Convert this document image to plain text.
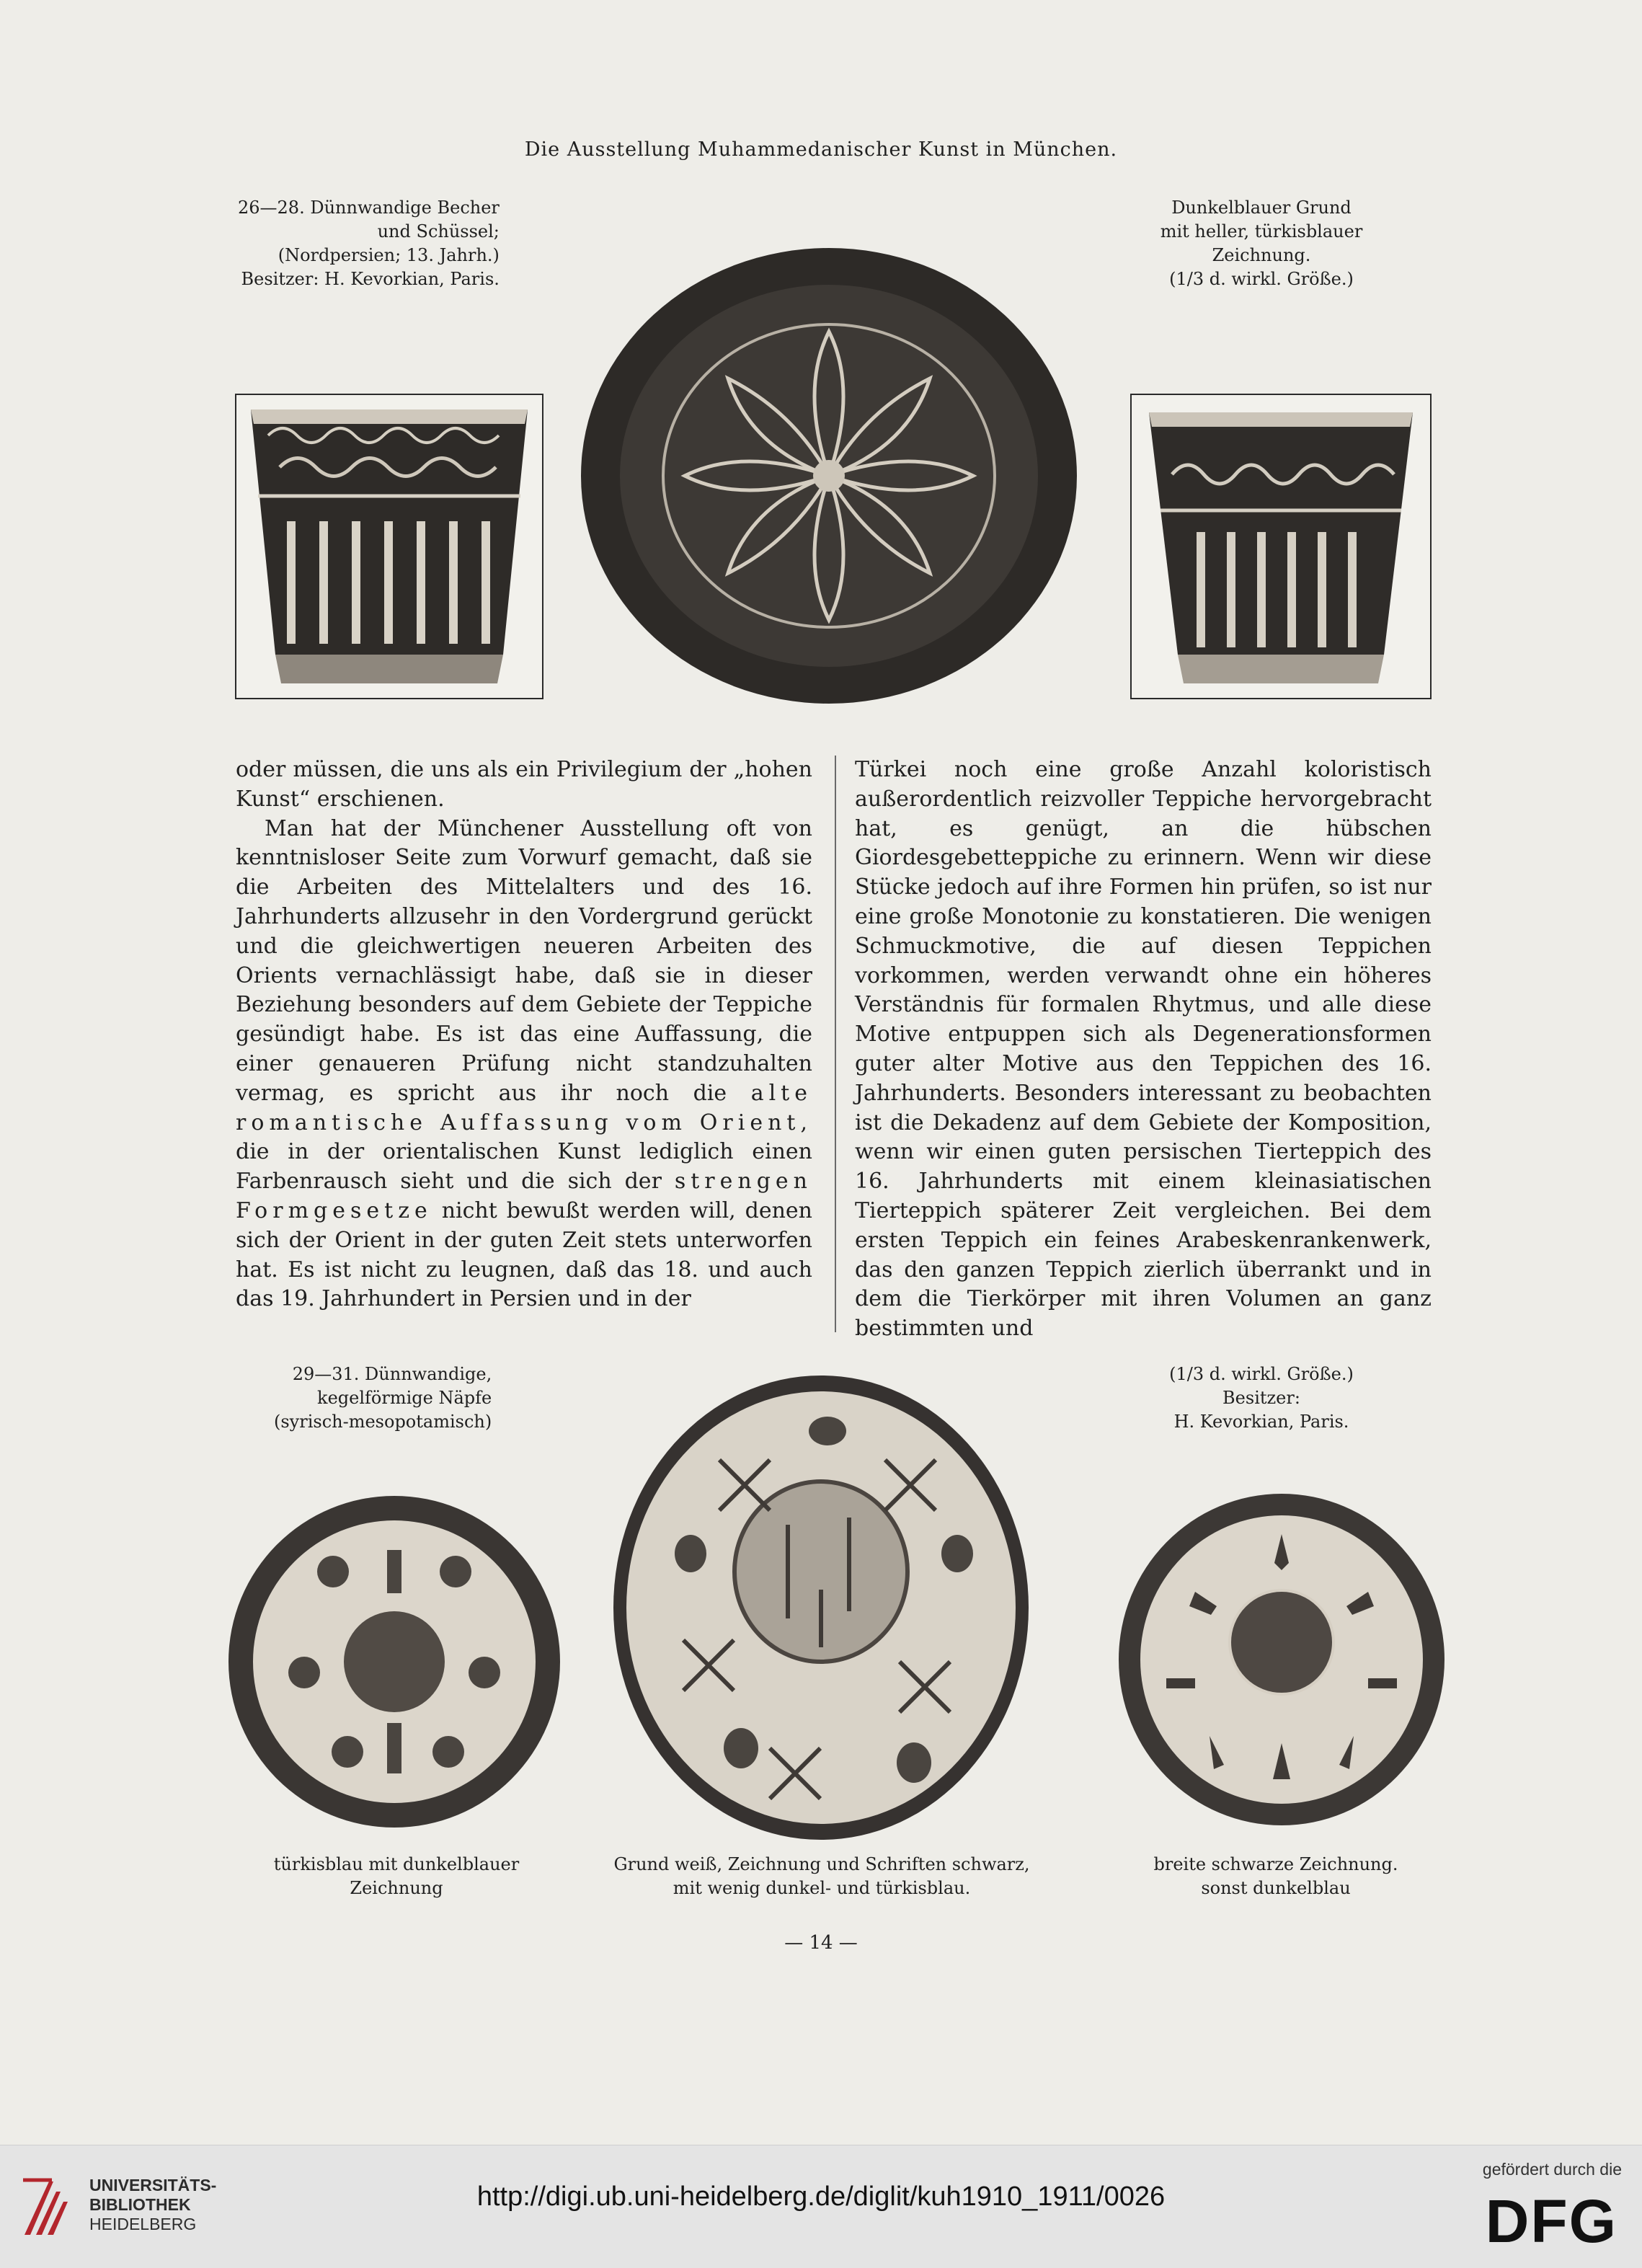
Die Ausstellung Muhammedanischer Kunst in München.
26—28. Dünnwandige Becher
und Schüssel;
(Nordpersien; 13. Jahrh.)
Besitzer: H. Kevorkian, Paris.
Dunkelblauer Grund
mit heller, türkisblauer
Zeichnung.
(1/3 d. wirkl. Größe.)

oder müssen, die uns als ein Privilegium der „hohen Kunst“ erschienen.

Man hat der Münchener Ausstellung oft von kenntnisloser Seite zum Vorwurf gemacht, daß sie die Arbeiten des Mittelalters und des 16. Jahrhunderts allzusehr in den Vordergrund gerückt und die gleichwertigen neueren Arbeiten des Orients vernachlässigt habe, daß sie in dieser Beziehung besonders auf dem Gebiete der Teppiche gesündigt habe. Es ist das eine Auffassung, die einer genaueren Prüfung nicht standzuhalten vermag, es spricht aus ihr noch die alte romantische Auffassung vom Orient, die in der orientalischen Kunst lediglich einen Farbenrausch sieht und die sich der strengen Formgesetze nicht bewußt werden will, denen sich der Orient in der guten Zeit stets unterworfen hat. Es ist nicht zu leugnen, daß das 18. und auch das 19. Jahrhundert in Persien und in der

Türkei noch eine große Anzahl koloristisch außerordentlich reizvoller Teppiche hervorgebracht hat, es genügt, an die hübschen Giordesgebetteppiche zu erinnern. Wenn wir diese Stücke jedoch auf ihre Formen hin prüfen, so ist nur eine große Monotonie zu konstatieren. Die wenigen Schmuckmotive, die auf diesen Teppichen vorkommen, werden verwandt ohne ein höheres Verständnis für formalen Rhytmus, und alle diese Motive entpuppen sich als Degenerationsformen guter alter Motive aus den Teppichen des 16. Jahrhunderts. Besonders interessant zu beobachten ist die Dekadenz auf dem Gebiete der Komposition, wenn wir einen guten persischen Tierteppich des 16. Jahrhunderts mit einem kleinasiatischen Tierteppich späterer Zeit vergleichen. Bei dem ersten Teppich ein feines Arabeskenrankenwerk, das den ganzen Teppich zierlich überrankt und in dem die Tierkörper mit ihren Volumen an ganz bestimmten und

29—31. Dünnwandige,
kegelförmige Näpfe
(syrisch-mesopotamisch)
(1/3 d. wirkl. Größe.)
Besitzer:
H. Kevorkian, Paris.
türkisblau mit dunkelblauer
Zeichnung
Grund weiß, Zeichnung und Schriften schwarz,
mit wenig dunkel- und türkisblau.
breite schwarze Zeichnung.
sonst dunkelblau
— 14 —
UNIVERSITÄTS-
BIBLIOTHEK
HEIDELBERG
http://digi.ub.uni-heidelberg.de/diglit/kuh1910_1911/0026
gefördert durch die
DFG
